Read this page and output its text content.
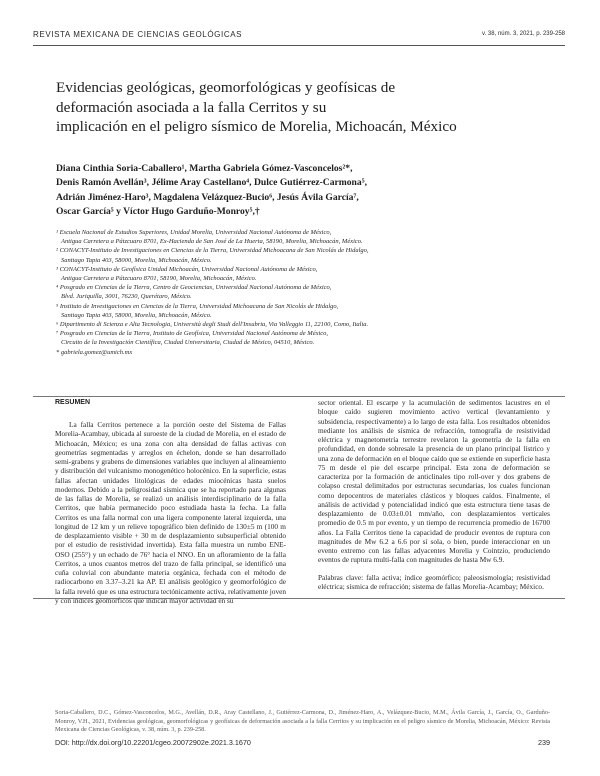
REVISTA MEXICANA DE CIENCIAS GEOLÓGICAS	v. 38, núm. 3, 2021, p. 239-258
Evidencias geológicas, geomorfológicas y geofísicas de
deformación asociada a la falla Cerritos y su
implicación en el peligro sísmico de Morelia, Michoacán, México
Diana Cinthia Soria-Caballero¹, Martha Gabriela Gómez-Vasconcelos²*,
Denis Ramón Avellán³, Jélime Aray Castellano⁴, Dulce Gutiérrez-Carmona⁵,
Adrián Jiménez-Haro³, Magdalena Velázquez-Bucio⁶, Jesús Ávila García⁷,
Oscar García⁵ y Víctor Hugo Garduño-Monroy⁵,†
¹ Escuela Nacional de Estudios Superiores, Unidad Morelia, Universidad Nacional Autónoma de México,
Antigua Carretera a Pátzcuaro 8701, Ex-Hacienda de San José de La Huerta, 58190, Morelia, Michoacán, México.
² CONACYT-Instituto de Investigaciones en Ciencias de la Tierra, Universidad Michoacana de San Nicolás de Hidalgo,
Santiago Tapia 403, 58000, Morelia, Michoacán, México.
³ CONACYT-Instituto de Geofísica Unidad Michoacán, Universidad Nacional Autónoma de México,
Antigua Carretera a Pátzcuaro 8701, 58190, Morelia, Michoacán, México.
⁴ Posgrado en Ciencias de la Tierra, Centro de Geociencias, Universidad Nacional Autónoma de México,
Blvd. Juriquilla, 3001, 76230, Querétaro, México.
⁵ Instituto de Investigaciones en Ciencias de la Tierra, Universidad Michoacana de San Nicolás de Hidalgo,
Santiago Tapia 403, 58000, Morelia, Michoacán, México.
⁶ Dipartimento di Scienza e Alta Tecnologia, Università degli Studi dell'Insubria, Via Valleggio 11, 22100, Como, Italia.
⁷ Posgrado en Ciencias de la Tierra, Instituto de Geofísica, Universidad Nacional Autónoma de México,
Circuito de la Investigación Científica, Ciudad Universitaria, Ciudad de México, 04510, México.
* gabriela.gomez@umich.mx
RESUMEN

La falla Cerritos pertenece a la porción oeste del Sistema de Fallas Morelia-Acambay, ubicada al suroeste de la ciudad de Morelia, en el estado de Michoacán, México; es una zona con alta densidad de fallas activas con geometrías segmentadas y arreglos en échelon, donde se han desarrollado semi-grabens y grabens de dimensiones variables que incluyen al alineamiento y distribución del vulcanismo monogenético holocénico. En la superficie, estas fallas afectan unidades litológicas de edades miocénicas hasta suelos modernos. Debido a la peligrosidad sísmica que se ha reportado para algunas de las fallas de Morelia, se realizó un análisis interdisciplinario de la falla Cerritos, que había permanecido poco estudiada hasta la fecha. La falla Cerritos es una falla normal con una ligera componente lateral izquierda, una longitud de 12 km y un relieve topográfico bien definido de 130±5 m (100 m de desplazamiento visible + 30 m de desplazamiento subsuperficial obtenido por el estudio de resistividad invertida). Esta falla muestra un rumbo ENE-OSO (255°) y un echado de 76° hacia el NNO. En un afloramiento de la falla Cerritos, a unos cuantos metros del trazo de falla principal, se identificó una cuña coluvial con abundante materia orgánica, fechada con el método de radiocarbono en 3.37–3.21 ka AP. El análisis geológico y geomorfológico de la falla reveló que es una estructura tectónicamente activa, relativamente joven y con índices geomórficos que indican mayor actividad en su

sector oriental. El escarpe y la acumulación de sedimentos lacustres en el bloque caído sugieren movimiento activo vertical (levantamiento y subsidencia, respectivamente) a lo largo de esta falla. Los resultados obtenidos mediante los análisis de sísmica de refracción, tomografía de resistividad eléctrica y magnetometría terrestre revelaron la geometría de la falla en profundidad, en donde sobresale la presencia de un plano principal lístrico y una zona de deformación en el bloque caído que se extiende en superficie hasta 75 m desde el pie del escarpe principal. Esta zona de deformación se caracteriza por la formación de anticlinales tipo roll-over y dos grabens de colapso crestal delimitados por estructuras secundarias, los cuales funcionan como depocentros de materiales clásticos y bloques caídos. Finalmente, el análisis de actividad y potencialidad indicó que esta estructura tiene tasas de desplazamiento de 0.03±0.01 mm/año, con desplazamientos verticales promedio de 0.5 m por evento, y un tiempo de recurrencia promedio de 16700 años. La Falla Cerritos tiene la capacidad de producir eventos de ruptura con magnitudes de Mw 6.2 a 6.6 por sí sola, o bien, puede interaccionar en un evento extremo con las fallas adyacentes Morelia y Cointzio, produciendo eventos de ruptura multi-falla con magnitudes de hasta Mw 6.9.

Palabras clave: falla activa; índice geomórfico; paleosismología; resistividad eléctrica; sísmica de refracción; sistema de fallas Morelia-Acambay; México.

Soria-Caballero, D.C., Gómez-Vasconcelos, M.G., Avellán, D.R., Aray Castellano, J., Gutiérrez-Carmona, D., Jiménez-Haro, A., Velázquez-Bucio, M.M., Ávila García, J., García, O., Garduño-Monroy, V.H., 2021, Evidencias geológicas, geomorfológicas y geofísicas de deformación asociada a la falla Cerritos y su implicación en el peligro sísmico de Morelia, Michoacán, México: Revista Mexicana de Ciencias Geológicas, v. 38, núm. 3, p. 239-258.
DOI: http://dx.doi.org/10.22201/cgeo.20072902e.2021.3.1670	239
